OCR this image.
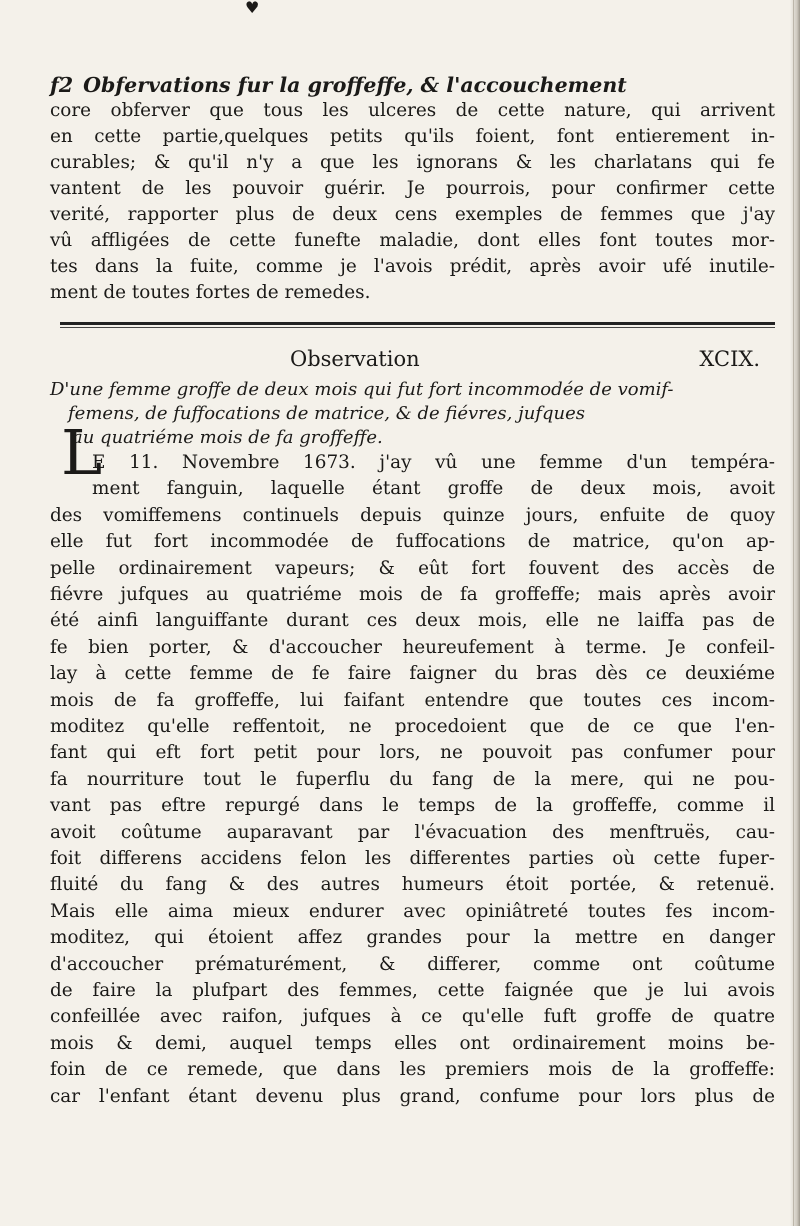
♥
f2 Obfervations fur la groffeffe, & l'accouchement
core obferver que tous les ulceres de cette nature, qui arrivent
en cette partie,quelques petits qu'ils foient, font entierement in-
curables; & qu'il n'y a que les ignorans & les charlatans qui fe
vantent de les pouvoir guérir. Je pourrois, pour confirmer cette
verité, rapporter plus de deux cens exemples de femmes que j'ay
vû affligées de cette funefte maladie, dont elles font toutes mor-
tes dans la fuite, comme je l'avois prédit, après avoir ufé inutile-
ment de toutes fortes de remedes.
Observation XCIX.
D'une femme groffe de deux mois qui fut fort incommodée de vomif-
femens, de fuffocations de matrice, & de fiévres, jufques
au quatriéme mois de fa groffeffe.
L
E 11. Novembre 1673. j'ay vû une femme d'un tempéra-
ment fanguin, laquelle étant groffe de deux mois, avoit
des vomiffemens continuels depuis quinze jours, enfuite de quoy
elle fut fort incommodée de fuffocations de matrice, qu'on ap-
pelle ordinairement vapeurs; & eût fort fouvent des accès de
fiévre jufques au quatriéme mois de fa groffeffe; mais après avoir
été ainfi languiffante durant ces deux mois, elle ne laiffa pas de
fe bien porter, & d'accoucher heureufement à terme. Je confeil-
lay à cette femme de fe faire faigner du bras dès ce deuxiéme
mois de fa groffeffe, lui faifant entendre que toutes ces incom-
moditez qu'elle reffentoit, ne procedoient que de ce que l'en-
fant qui eft fort petit pour lors, ne pouvoit pas confumer pour
fa nourriture tout le fuperflu du fang de la mere, qui ne pou-
vant pas eftre repurgé dans le temps de la groffeffe, comme il
avoit coûtume auparavant par l'évacuation des menftruës, cau-
foit differens accidens felon les differentes parties où cette fuper-
fluité du fang & des autres humeurs étoit portée, & retenuë.
Mais elle aima mieux endurer avec opiniâtreté toutes fes incom-
moditez, qui étoient affez grandes pour la mettre en danger
d'accoucher prématurément, & differer, comme ont coûtume
de faire la plufpart des femmes, cette faignée que je lui avois
confeillée avec raifon, jufques à ce qu'elle fuft groffe de quatre
mois & demi, auquel temps elles ont ordinairement moins be-
foin de ce remede, que dans les premiers mois de la groffeffe:
car l'enfant étant devenu plus grand, confume pour lors plus de
